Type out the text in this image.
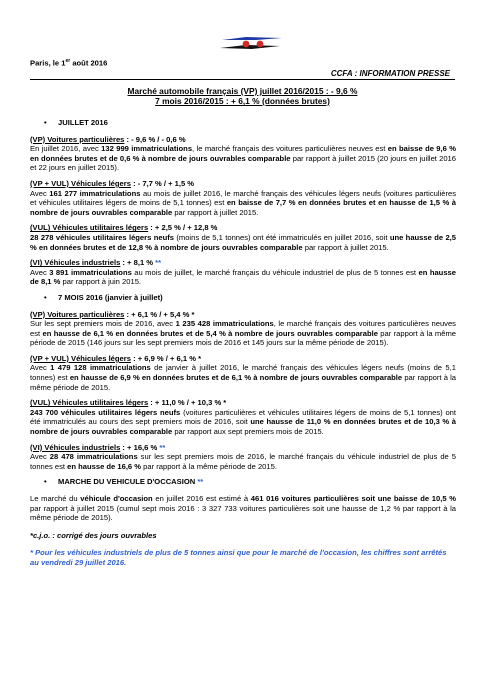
Paris, le 1er août 2016
CCFA : INFORMATION PRESSE
Marché automobile français (VP) juillet 2016/2015 : - 9,6 %
7 mois 2016/2015 : + 6,1 % (données brutes)
• JUILLET 2016
(VP) Voitures particulières : - 9,6 % / - 0,6 %
En juillet 2016, avec 132 999 immatriculations, le marché français des voitures particulières neuves est en baisse de 9,6 % en données brutes et de 0,6 % à nombre de jours ouvrables comparable par rapport à juillet 2015 (20 jours en juillet 2016 et 22 jours en juillet 2015).
(VP + VUL) Véhicules légers : - 7,7 % / + 1,5 %
Avec 161 277 immatriculations au mois de juillet 2016, le marché français des véhicules légers neufs (voitures particulières et véhicules utilitaires légers de moins de 5,1 tonnes) est en baisse de 7,7 % en données brutes et en hausse de 1,5 % à nombre de jours ouvrables comparable par rapport à juillet 2015.
(VUL) Véhicules utilitaires légers : + 2,5 % / + 12,8 %
28 278 véhicules utilitaires légers neufs (moins de 5,1 tonnes) ont été immatriculés en juillet 2016, soit une hausse de 2,5 % en données brutes et de 12,8 % à nombre de jours ouvrables comparable par rapport à juillet 2015.
(VI) Véhicules industriels : + 8,1 % **
Avec 3 891 immatriculations au mois de juillet, le marché français du véhicule industriel de plus de 5 tonnes est en hausse de 8,1 % par rapport à juin 2015.
• 7 MOIS 2016 (janvier à juillet)
(VP) Voitures particulières : + 6,1 % / + 5,4 % *
Sur les sept premiers mois de 2016, avec 1 235 428 immatriculations, le marché français des voitures particulières neuves est en hausse de 6,1 % en données brutes et de 5,4 % à nombre de jours ouvrables comparable par rapport à la même période de 2015 (146 jours sur les sept premiers mois de 2016 et 145 jours sur la même période de 2015).
(VP + VUL) Véhicules légers : + 6,9 % / + 6,1 % *
Avec 1 479 128 immatriculations de janvier à juillet 2016, le marché français des véhicules légers neufs (moins de 5,1 tonnes) est en hausse de 6,9 % en données brutes et de 6,1 % à nombre de jours ouvrables comparable par rapport à la même période de 2015.
(VUL) Véhicules utilitaires légers : + 11,0 % / + 10,3 % *
243 700 véhicules utilitaires légers neufs (voitures particulières et véhicules utilitaires légers de moins de 5,1 tonnes) ont été immatriculés au cours des sept premiers mois de 2016, soit une hausse de 11,0 % en données brutes et de 10,3 % à nombre de jours ouvrables comparable par rapport aux sept premiers mois de 2015.
(VI) Véhicules industriels : + 16,6 % **
Avec 28 478 immatriculations sur les sept premiers mois de 2016, le marché français du véhicule industriel de plus de 5 tonnes est en hausse de 16,6 % par rapport à la même période de 2015.
• MARCHE DU VEHICULE D'OCCASION **
Le marché du véhicule d'occasion en juillet 2016 est estimé à 461 016 voitures particulières soit une baisse de 10,5 % par rapport à juillet 2015 (cumul sept mois 2016 : 3 327 733 voitures particulières soit une hausse de 1,2 % par rapport à la même période de 2015).
*c.j.o. : corrigé des jours ouvrables
* Pour les véhicules industriels de plus de 5 tonnes ainsi que pour le marché de l'occasion, les chiffres sont arrêtés au vendredi 29 juillet 2016.
